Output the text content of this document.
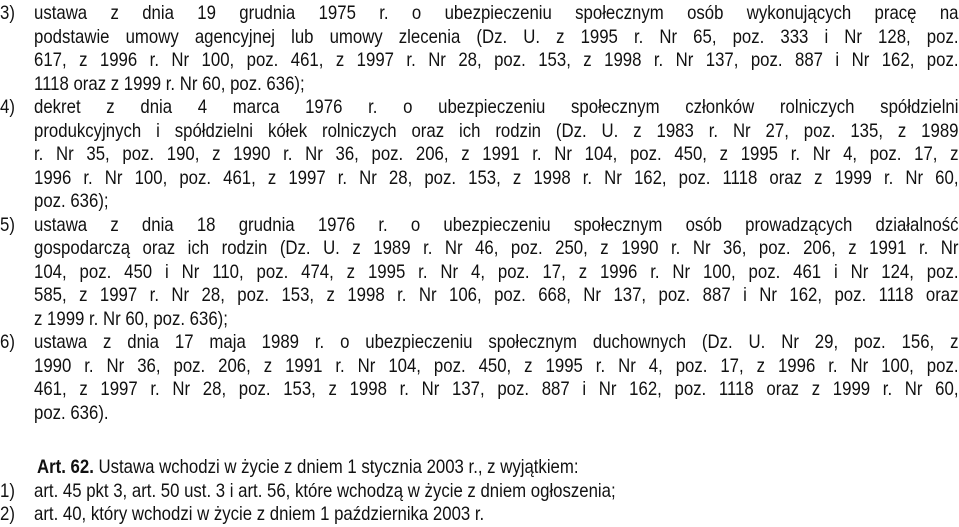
3) ustawa z dnia 19 grudnia 1975 r. o ubezpieczeniu społecznym osób wykonujących pracę na
podstawie umowy agencyjnej lub umowy zlecenia (Dz. U. z 1995 r. Nr 65, poz. 333 i Nr 128, poz.
617, z 1996 r. Nr 100, poz. 461, z 1997 r. Nr 28, poz. 153, z 1998 r. Nr 137, poz. 887 i Nr 162, poz.
1118 oraz z 1999 r. Nr 60, poz. 636);
4) dekret z dnia 4 marca 1976 r. o ubezpieczeniu społecznym członków rolniczych spółdzielni
produkcyjnych i spółdzielni kółek rolniczych oraz ich rodzin (Dz. U. z 1983 r. Nr 27, poz. 135, z 1989
r. Nr 35, poz. 190, z 1990 r. Nr 36, poz. 206, z 1991 r. Nr 104, poz. 450, z 1995 r. Nr 4, poz. 17, z
1996 r. Nr 100, poz. 461, z 1997 r. Nr 28, poz. 153, z 1998 r. Nr 162, poz. 1118 oraz z 1999 r. Nr 60,
poz. 636);
5) ustawa z dnia 18 grudnia 1976 r. o ubezpieczeniu społecznym osób prowadzących działalność
gospodarczą oraz ich rodzin (Dz. U. z 1989 r. Nr 46, poz. 250, z 1990 r. Nr 36, poz. 206, z 1991 r. Nr
104, poz. 450 i Nr 110, poz. 474, z 1995 r. Nr 4, poz. 17, z 1996 r. Nr 100, poz. 461 i Nr 124, poz.
585, z 1997 r. Nr 28, poz. 153, z 1998 r. Nr 106, poz. 668, Nr 137, poz. 887 i Nr 162, poz. 1118 oraz
z 1999 r. Nr 60, poz. 636);
6) ustawa z dnia 17 maja 1989 r. o ubezpieczeniu społecznym duchownych (Dz. U. Nr 29, poz. 156, z
1990 r. Nr 36, poz. 206, z 1991 r. Nr 104, poz. 450, z 1995 r. Nr 4, poz. 17, z 1996 r. Nr 100, poz.
461, z 1997 r. Nr 28, poz. 153, z 1998 r. Nr 137, poz. 887 i Nr 162, poz. 1118 oraz z 1999 r. Nr 60,
poz. 636).
Art. 62. Ustawa wchodzi w życie z dniem 1 stycznia 2003 r., z wyjątkiem:
1) art. 45 pkt 3, art. 50 ust. 3 i art. 56, które wchodzą w życie z dniem ogłoszenia;
2) art. 40, który wchodzi w życie z dniem 1 października 2003 r.
